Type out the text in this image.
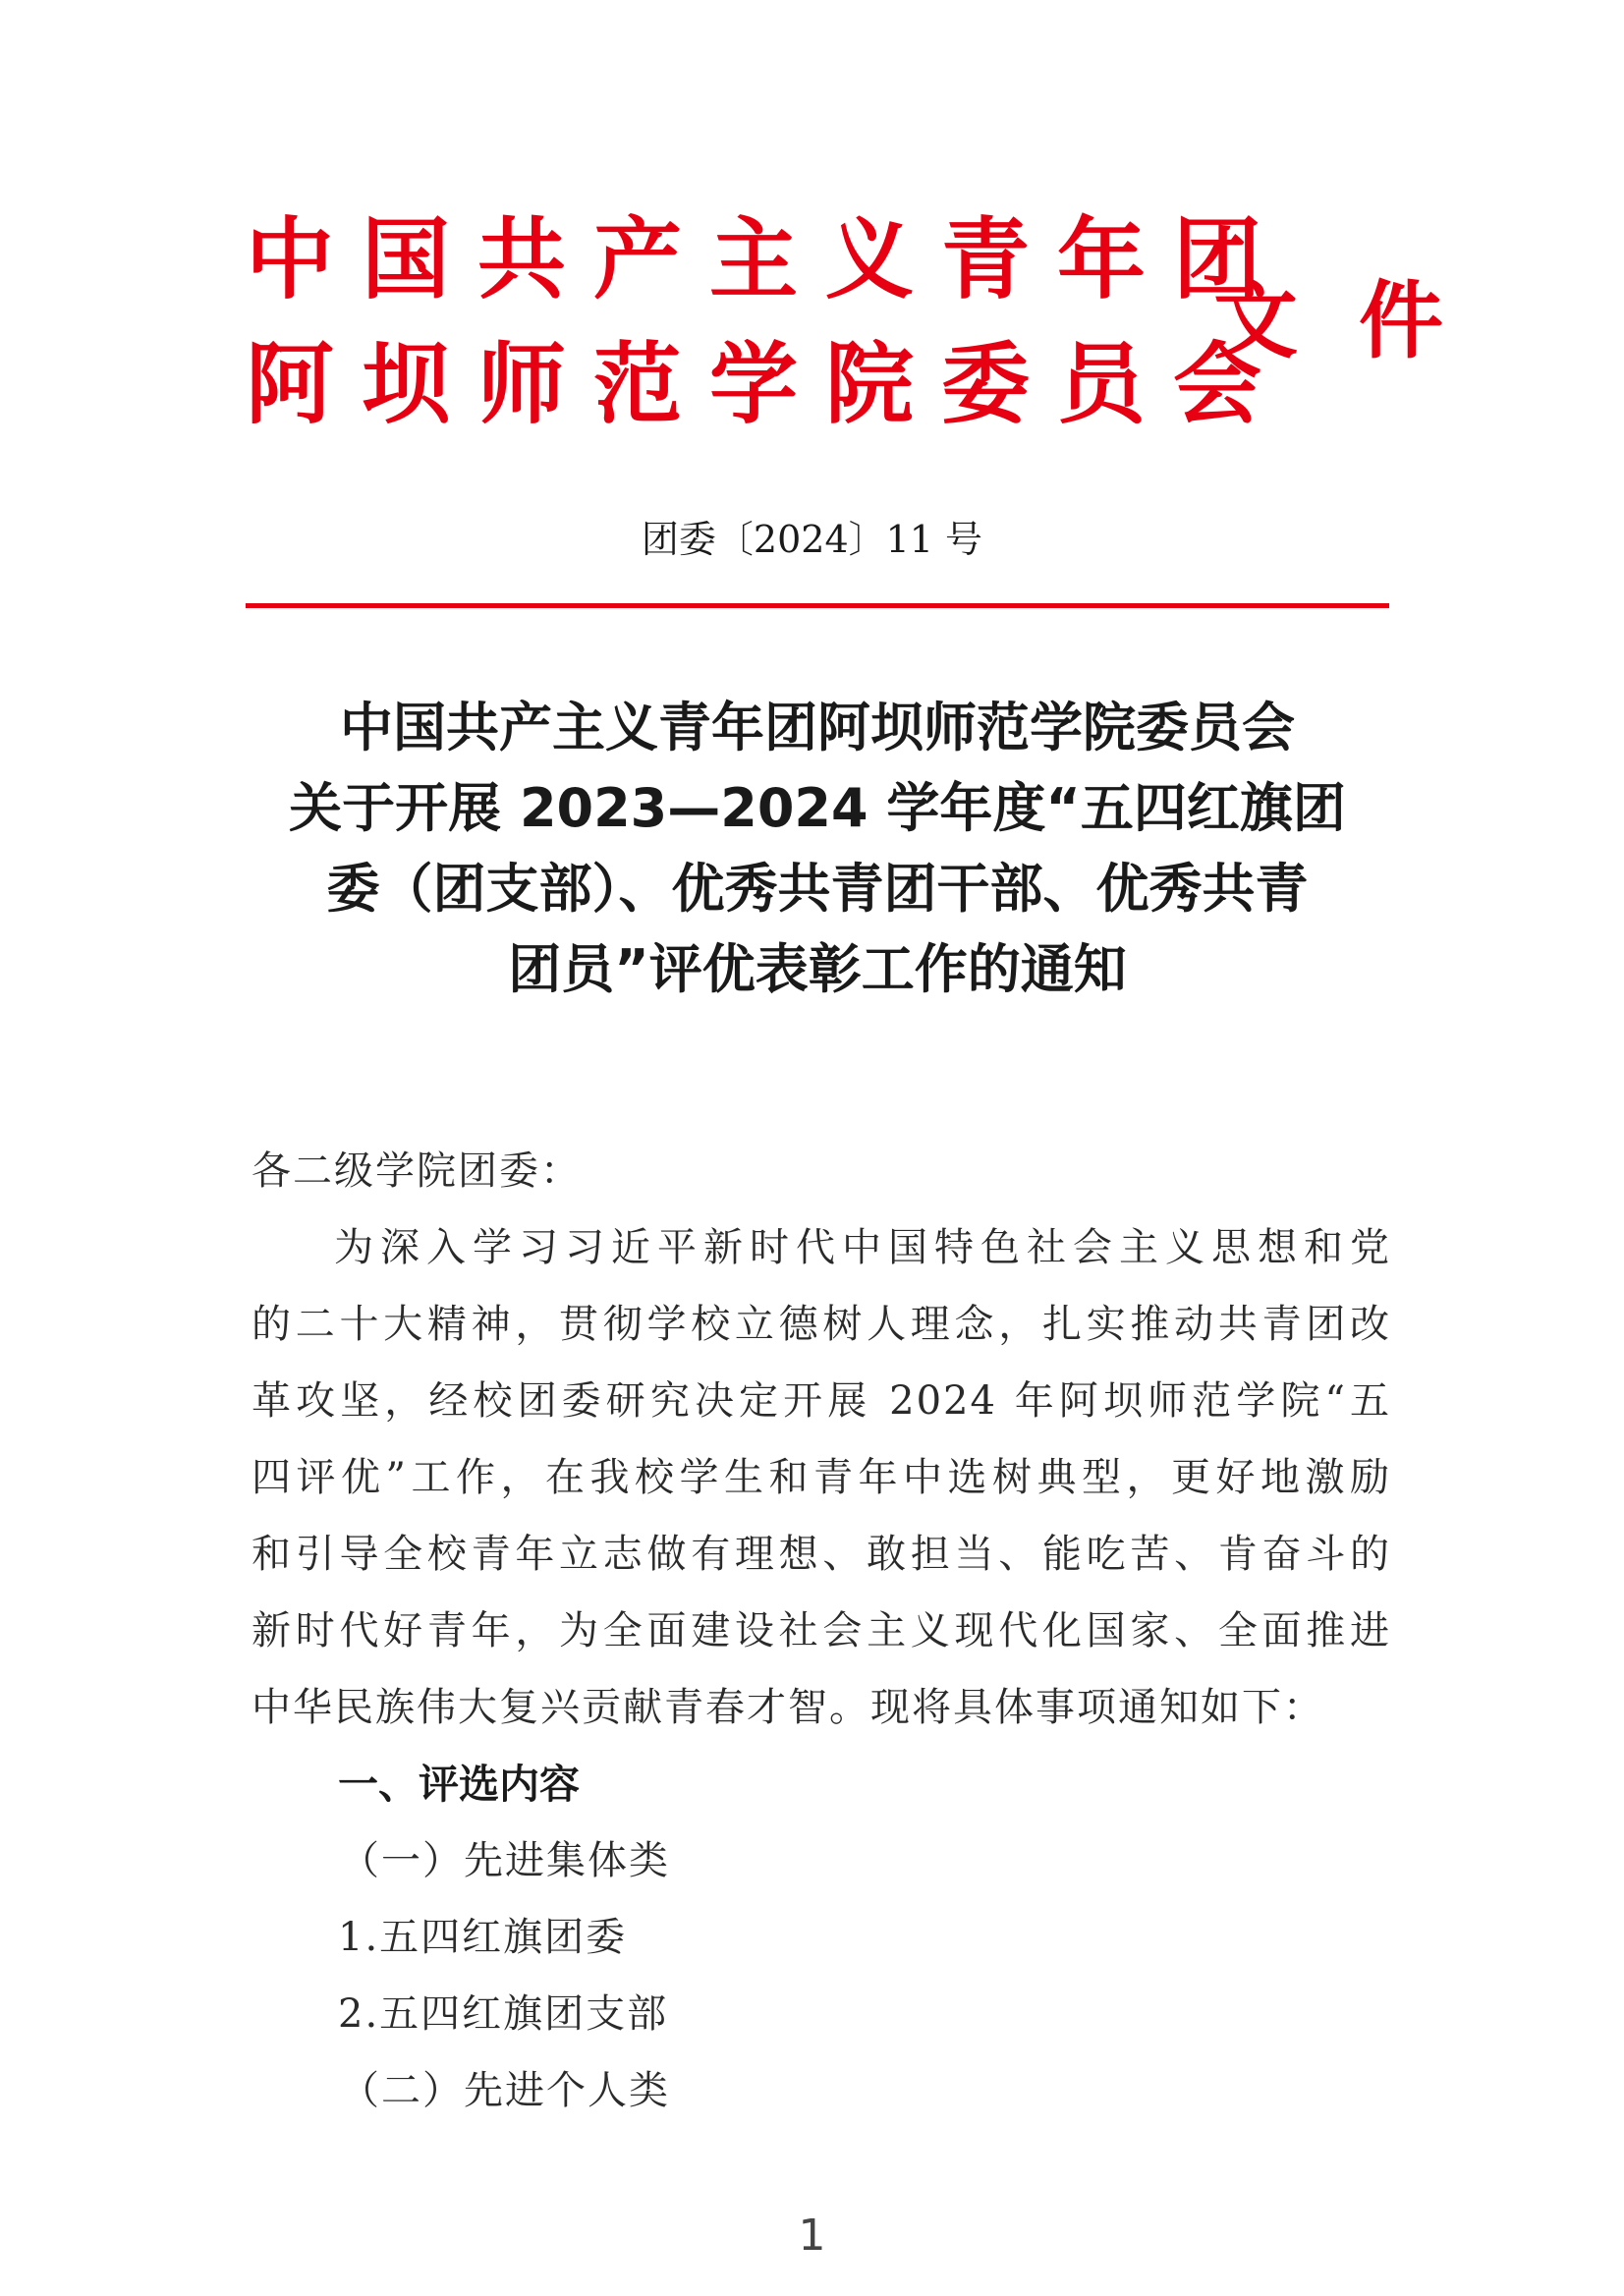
中国共产主义青年团
阿坝师范学院委员会
文件
团委〔2024〕11 号
中国共产主义青年团阿坝师范学院委员会
关于开展 2023—2024 学年度“五四红旗团
委（团支部）、优秀共青团干部、优秀共青
团员”评优表彰工作的通知
各二级学院团委：
为深入学习习近平新时代中国特色社会主义思想和党
的二十大精神，贯彻学校立德树人理念，扎实推动共青团改
革攻坚，经校团委研究决定开展 2024 年阿坝师范学院“五
四评优”工作，在我校学生和青年中选树典型，更好地激励
和引导全校青年立志做有理想、敢担当、能吃苦、肯奋斗的
新时代好青年，为全面建设社会主义现代化国家、全面推进
中华民族伟大复兴贡献青春才智。现将具体事项通知如下：
一、评选内容
（一）先进集体类
1.五四红旗团委
2.五四红旗团支部
（二）先进个人类
1
